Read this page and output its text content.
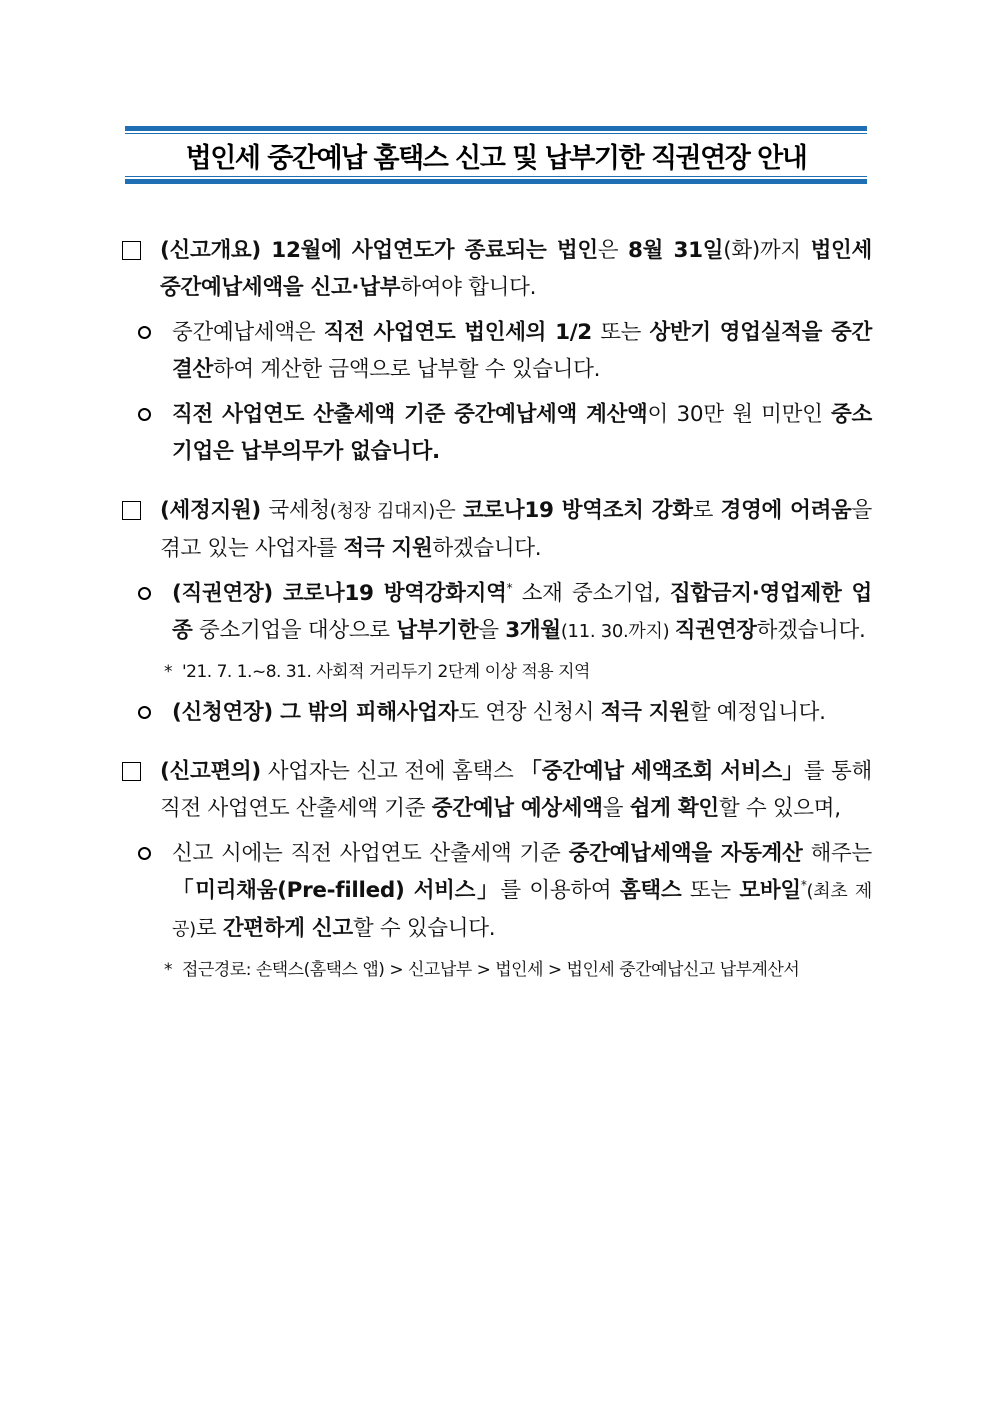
법인세 중간예납 홈택스 신고 및 납부기한 직권연장 안내
(신고개요) 12월에 사업연도가 종료되는 법인은 8월 31일(화)까지 법인세 중간예납세액을 신고·납부하여야 합니다.
중간예납세액은 직전 사업연도 법인세의 1/2 또는 상반기 영업실적을 중간결산하여 계산한 금액으로 납부할 수 있습니다.
직전 사업연도 산출세액 기준 중간예납세액 계산액이 30만 원 미만인 중소기업은 납부의무가 없습니다.
(세정지원) 국세청(청장 김대지)은 코로나19 방역조치 강화로 경영에 어려움을 겪고 있는 사업자를 적극 지원하겠습니다.
(직권연장) 코로나19 방역강화지역* 소재 중소기업, 집합금지·영업제한 업종 중소기업을 대상으로 납부기한을 3개월(11. 30.까지) 직권연장하겠습니다.
* '21. 7. 1.~8. 31. 사회적 거리두기 2단계 이상 적용 지역
(신청연장) 그 밖의 피해사업자도 연장 신청시 적극 지원할 예정입니다.
(신고편의) 사업자는 신고 전에 홈택스 「중간예납 세액조회 서비스」를 통해 직전 사업연도 산출세액 기준 중간예납 예상세액을 쉽게 확인할 수 있으며,
신고 시에는 직전 사업연도 산출세액 기준 중간예납세액을 자동계산 해주는 「미리채움(Pre-filled) 서비스」를 이용하여 홈택스 또는 모바일*(최초 제공)로 간편하게 신고할 수 있습니다.
* 접근경로: 손택스(홈택스 앱) > 신고납부 > 법인세 > 법인세 중간예납신고 납부계산서
